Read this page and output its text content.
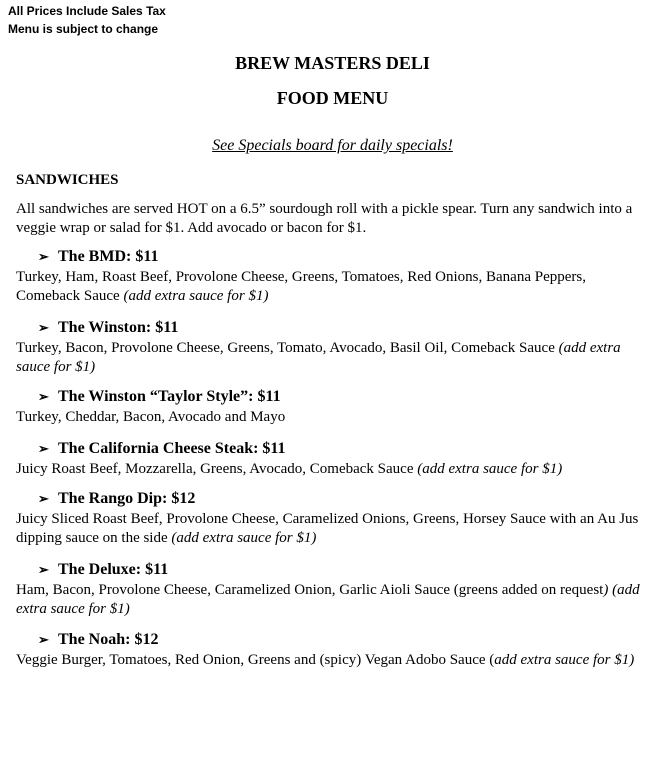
All Prices Include Sales Tax
Menu is subject to change
BREW MASTERS DELI
FOOD MENU
See Specials board for daily specials!
SANDWICHES
All sandwiches are served HOT on a 6.5” sourdough roll with a pickle spear. Turn any sandwich into a veggie wrap or salad for $1. Add avocado or bacon for $1.
➢ The BMD: $11
Turkey, Ham, Roast Beef, Provolone Cheese, Greens, Tomatoes, Red Onions, Banana Peppers, Comeback Sauce (add extra sauce for $1)
➢ The Winston: $11
Turkey, Bacon, Provolone Cheese, Greens, Tomato, Avocado, Basil Oil, Comeback Sauce (add extra sauce for $1)
➢ The Winston “Taylor Style”: $11
Turkey, Cheddar, Bacon, Avocado and Mayo
➢ The California Cheese Steak: $11
Juicy Roast Beef, Mozzarella, Greens, Avocado, Comeback Sauce (add extra sauce for $1)
➢ The Rango Dip: $12
Juicy Sliced Roast Beef, Provolone Cheese, Caramelized Onions, Greens, Horsey Sauce with an Au Jus dipping sauce on the side (add extra sauce for $1)
➢ The Deluxe: $11
Ham, Bacon, Provolone Cheese, Caramelized Onion, Garlic Aioli Sauce (greens added on request) (add extra sauce for $1)
➢ The Noah: $12
Veggie Burger, Tomatoes, Red Onion, Greens and (spicy) Vegan Adobo Sauce (add extra sauce for $1)
